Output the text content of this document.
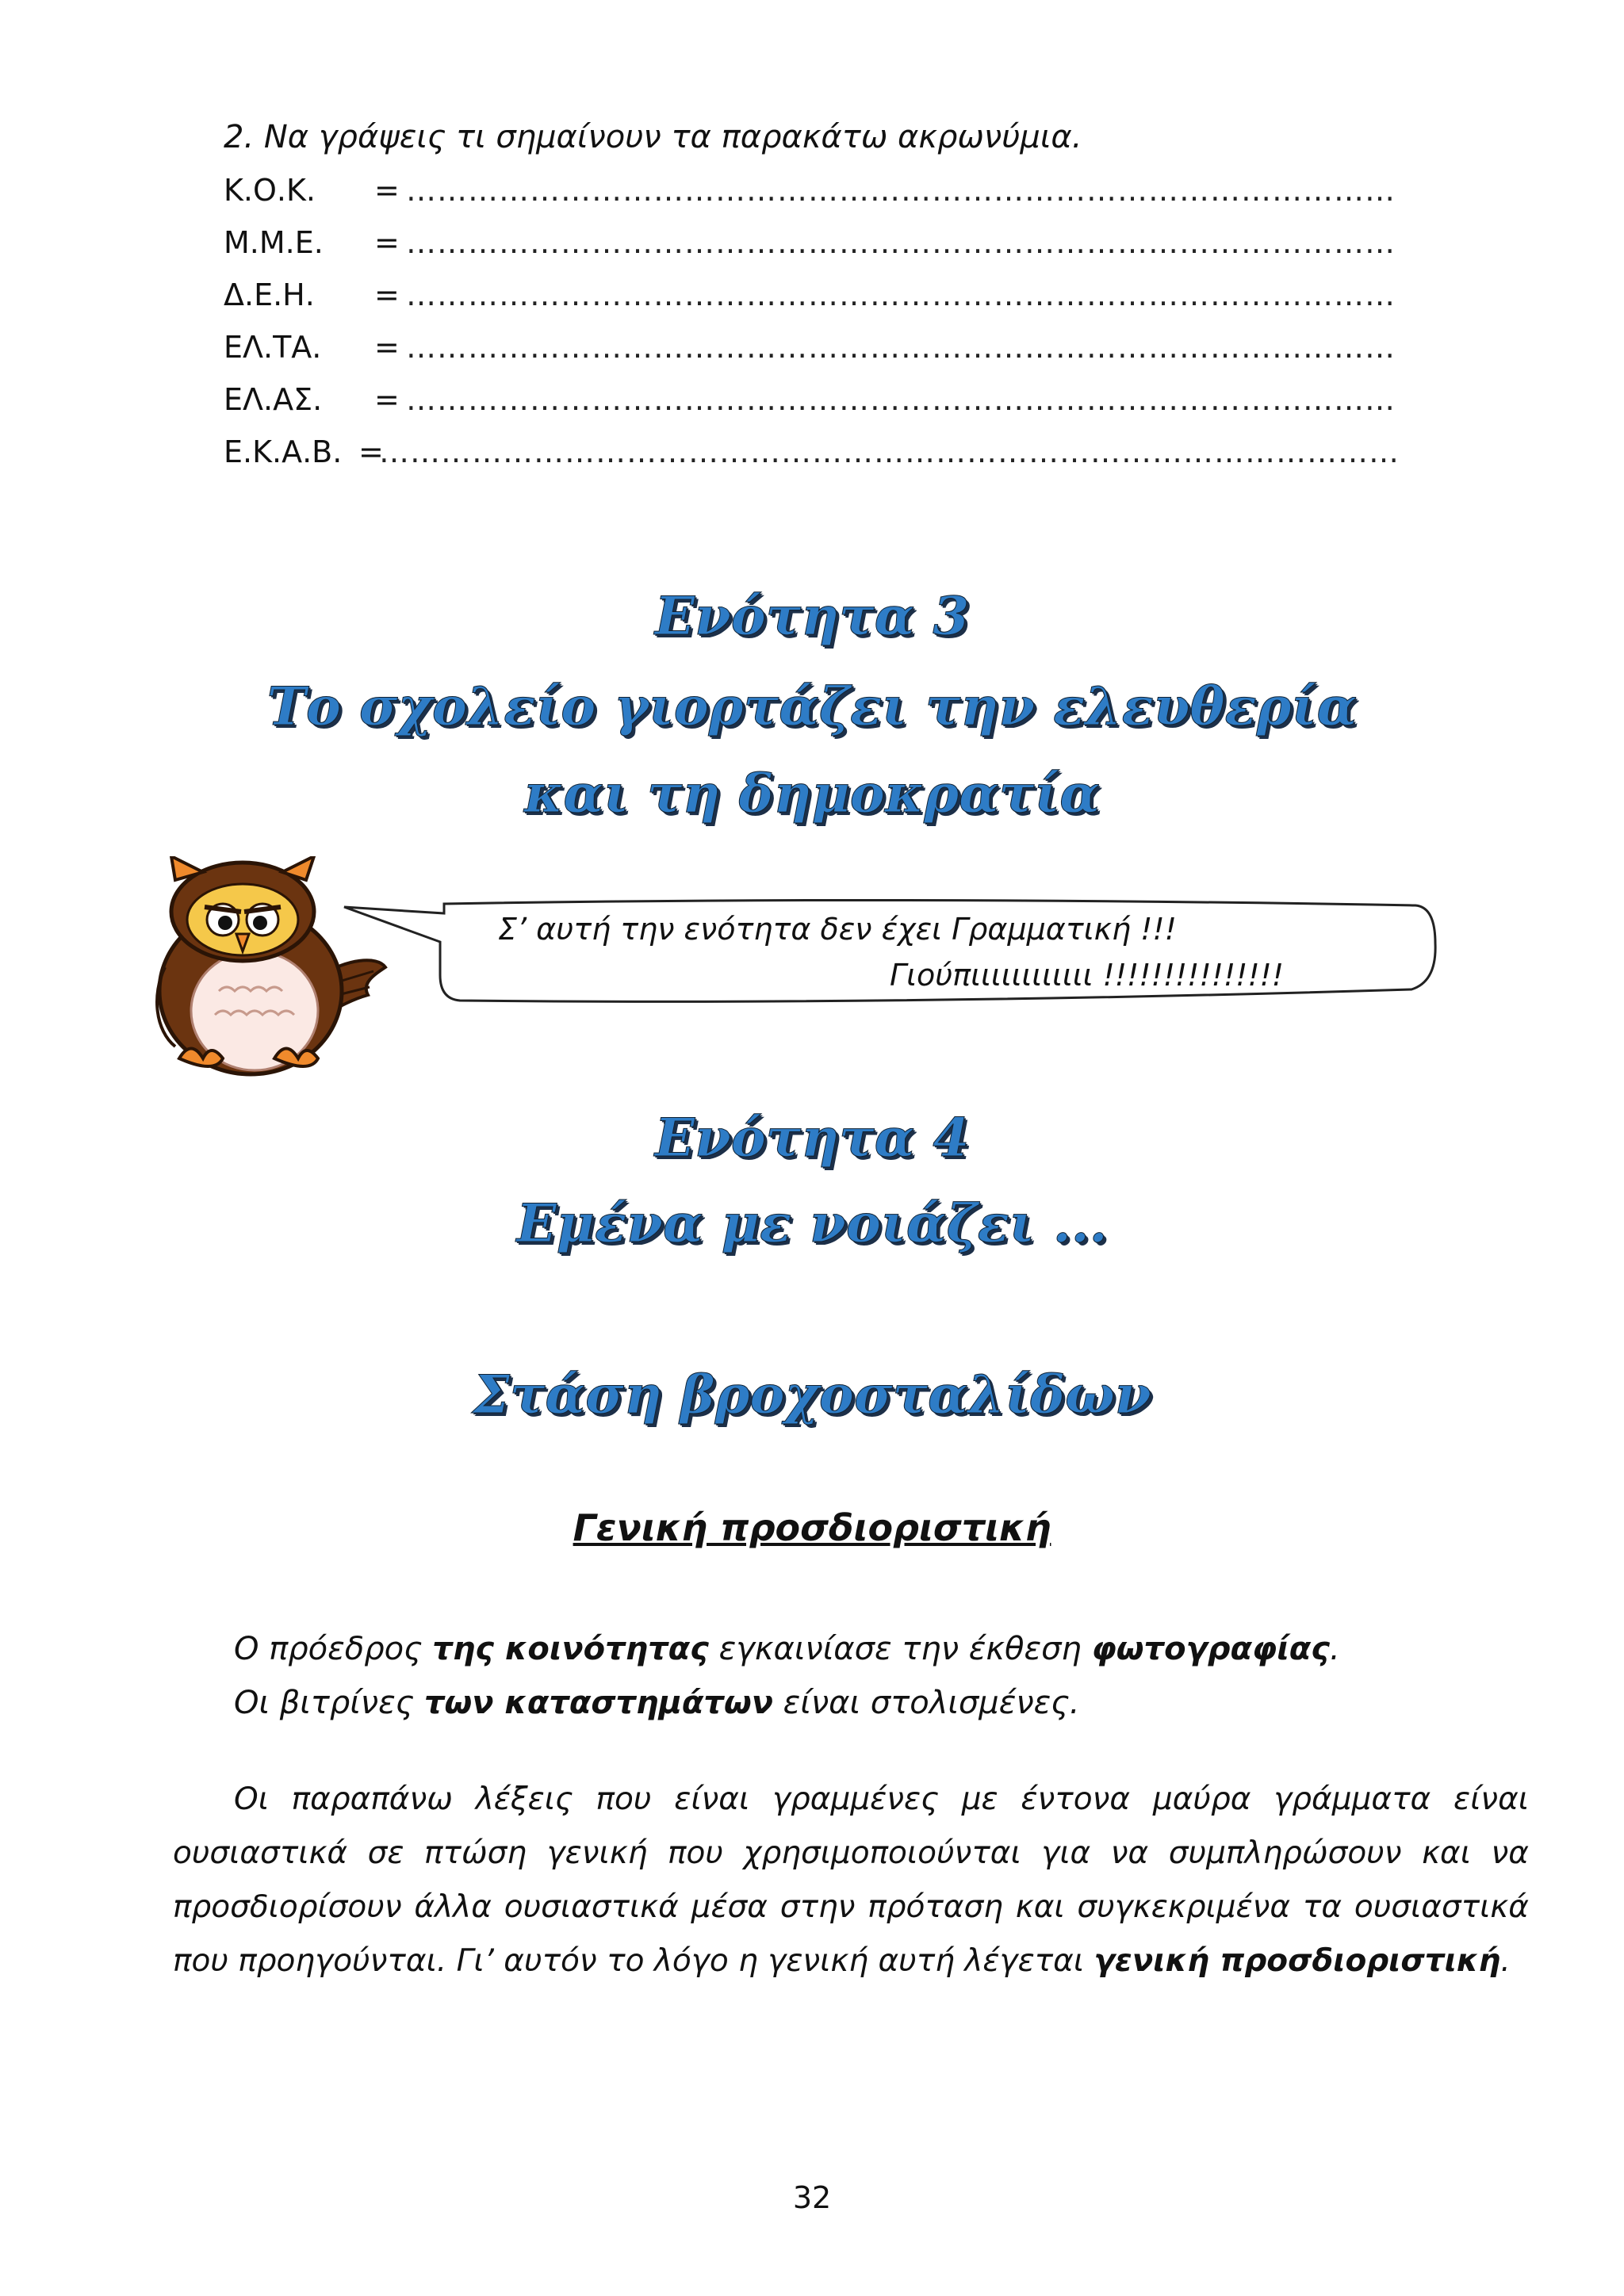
2. Να γράψεις τι σημαίνουν τα παρακάτω ακρωνύμια.
Κ.Ο.Κ. = ……………………………………………………………………………………
Μ.Μ.Ε. = ……………………………………………………………………………………
Δ.Ε.Η. = ……………………………………………………………………………………
ΕΛ.ΤΑ. = ……………………………………………………………………………………
ΕΛ.ΑΣ. = ……………………………………………………………………………………
Ε.Κ.Α.Β. =………………………………………………………………………………………
Ενότητα 3
Το σχολείο γιορτάζει την ελευθερία
και τη δημοκρατία
Σ’ αυτή την ενότητα δεν έχει Γραμματική !!!
Γιούπιιιιιιιιιιιι !!!!!!!!!!!!!!!
Ενότητα 4
Εμένα με νοιάζει ...
Στάση βροχοσταλίδων
Γενική προσδιοριστική
Ο πρόεδρος της κοινότητας εγκαινίασε την έκθεση φωτογραφίας.
Οι βιτρίνες των καταστημάτων είναι στολισμένες.
Οι παραπάνω λέξεις που είναι γραμμένες με έντονα μαύρα γράμματα είναι ουσιαστικά σε πτώση γενική που χρησιμοποιούνται για να συμπληρώσουν και να προσδιορίσουν άλλα ουσιαστικά μέσα στην πρόταση και συγκεκριμένα τα ουσιαστικά που προηγούνται. Γι’ αυτόν το λόγο η γενική αυτή λέγεται γενική προσδιοριστική.
32
